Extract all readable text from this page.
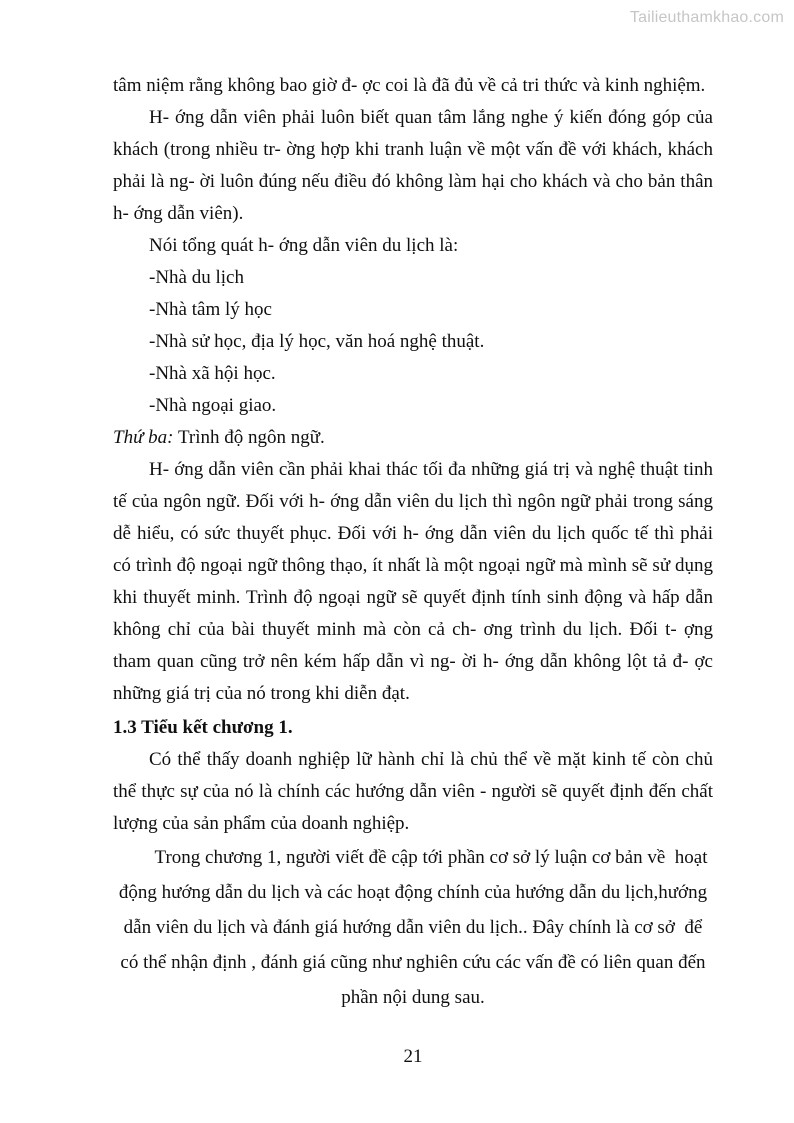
Tailieuthamkhao.com

tâm niệm rằng không bao giờ đ- ợc coi là đã đủ về cả tri thức và kinh nghiệm.

H- ớng dẫn viên phải luôn biết quan tâm lắng nghe ý kiến đóng góp của khách (trong nhiều tr- ờng hợp khi tranh luận về một vấn đề với khách, khách phải là ng- ời luôn đúng nếu điều đó không làm hại cho khách và cho bản thân h- ớng dẫn viên).

Nói tổng quát h- ớng dẫn viên du lịch là:

-Nhà du lịch

-Nhà tâm lý học

-Nhà sử học, địa lý học, văn hoá nghệ thuật.

-Nhà xã hội học.

-Nhà ngoại giao.

Thứ ba: Trình độ ngôn ngữ.

H- ớng dẫn viên cần phải khai thác tối đa những giá trị và nghệ thuật tinh tế của ngôn ngữ. Đối với h- ớng dẫn viên du lịch thì ngôn ngữ phải trong sáng dễ hiểu, có sức thuyết phục. Đối với h- ớng dẫn viên du lịch quốc tế thì phải có trình độ ngoại ngữ thông thạo, ít nhất là một ngoại ngữ mà mình sẽ sử dụng khi thuyết minh. Trình độ ngoại ngữ sẽ quyết định tính sinh động và hấp dẫn không chỉ của bài thuyết minh mà còn cả ch- ơng trình du lịch. Đối t- ợng tham quan cũng trở nên kém hấp dẫn vì ng- ời h- ớng dẫn không lột tả đ- ợc những giá trị của nó trong khi diễn đạt.

1.3 Tiểu kết chương 1.

Có thể thấy doanh nghiệp lữ hành chỉ là chủ thể về mặt kinh tế còn chủ thể thực sự của nó là chính các hướng dẫn viên - người sẽ quyết định đến chất lượng của sản phẩm của doanh nghiệp.

Trong chương 1, người viết đề cập tới phần cơ sở lý luận cơ bản về  hoạt động hướng dẫn du lịch và các hoạt động chính của hướng dẫn du lịch,hướng dẫn viên du lịch và đánh giá hướng dẫn viên du lịch.. Đây chính là cơ sở  để có thể nhận định , đánh giá cũng như nghiên cứu các vấn đề có liên quan đến phần nội dung sau.

21
